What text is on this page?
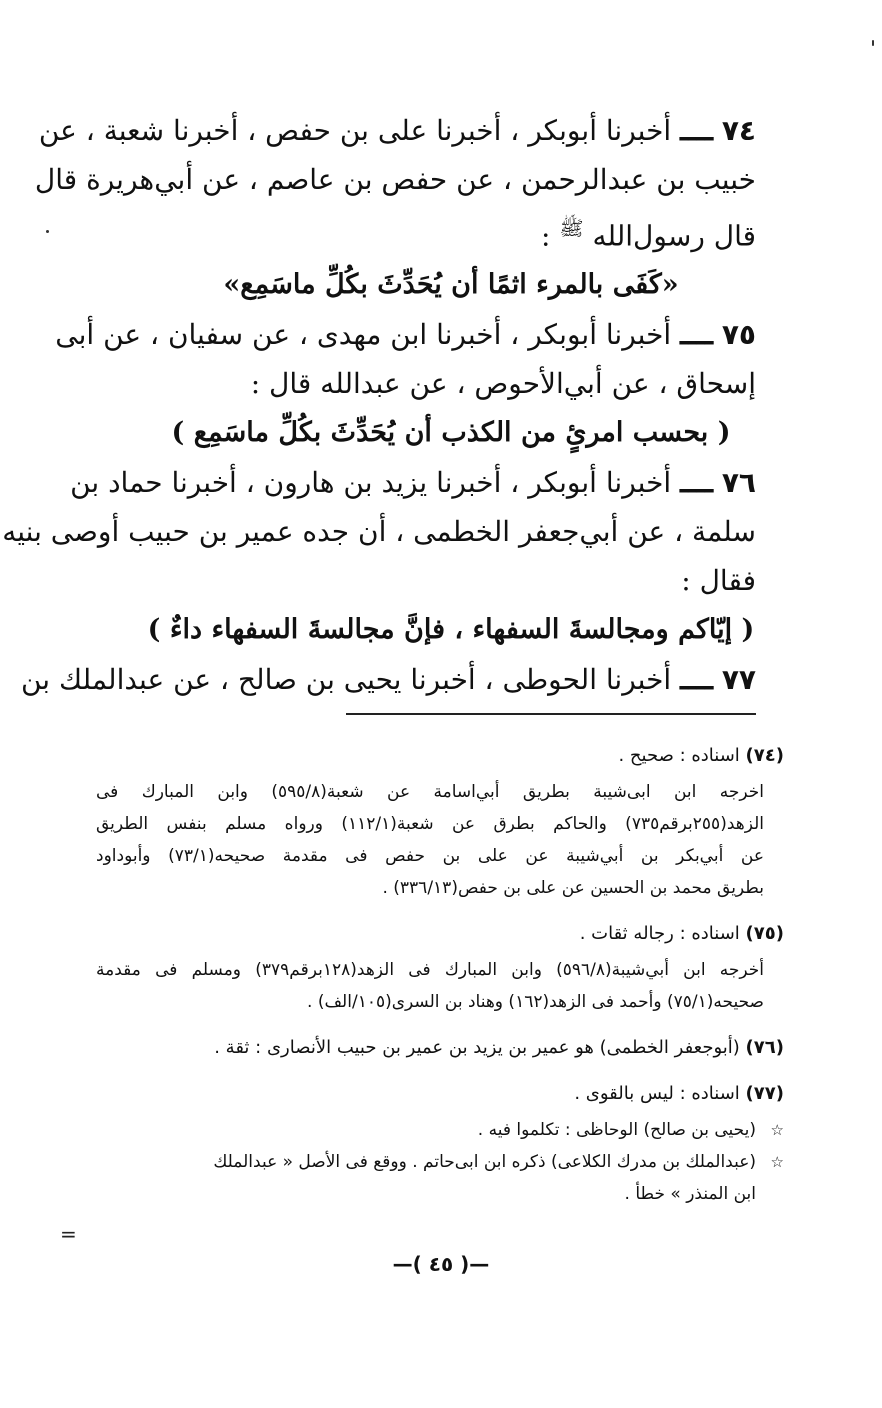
٧٤ ــــ أخبرنا أبوبكر ، أخبرنا على بن حفص ، أخبرنا شعبة ، عن
خبيب بن عبدالرحمن ، عن حفص بن عاصم ، عن أبي‌هريرة قال
قال رسول‌الله $^ﷺ$ :
«كَفَى بالمرء اثمًا أن يُحَدِّثَ بكُلِّ ماسَمِع»
٧٥ ــــ أخبرنا أبوبكر ، أخبرنا ابن مهدى ، عن سفيان ، عن أبى
إسحاق ، عن أبي‌الأحوص ، عن عبدالله قال :
( بحسب امرئٍ من الكذب أن يُحَدِّثَ بكُلِّ ماسَمِع )
٧٦ ــــ أخبرنا أبوبكر ، أخبرنا يزيد بن هارون ، أخبرنا حماد بن
سلمة ، عن أبي‌جعفر الخطمى ، أن جده عمير بن حبيب أوصى بنيه
فقال :
( إيّاكم ومجالسةَ السفهاء ، فإنَّ مجالسةَ السفهاء داءٌ )
٧٧ ــــ أخبرنا الحوطى ، أخبرنا يحيى بن صالح ، عن عبدالملك بن
(٧٤) اسناده : صحيح .
اخرجه ابن ابى‌شيبة بطريق أبي‌اسامة عن شعبة(٥٩٥/٨) وابن المبارك فى
الزهد(٢٥٥برقم٧٣٥) والحاكم بطرق عن شعبة(١١٢/١) ورواه مسلم بنفس الطريق
عن أبي‌بكر بن أبي‌شيبة عن على بن حفص فى مقدمة صحيحه(٧٣/١) وأبوداود
بطريق محمد بن الحسين عن على بن حفص(٣٣٦/١٣) .
(٧٥) اسناده : رجاله ثقات .
أخرجه ابن أبي‌شيبة(٥٩٦/٨) وابن المبارك فى الزهد(١٢٨برقم٣٧٩) ومسلم فى مقدمة
صحيحه(٧٥/١) وأحمد فى الزهد(١٦٢) وهناد بن السرى(١٠٥/الف) .
(٧٦) (أبوجعفر الخطمى) هو عمير بن يزيد بن عمير بن حبيب الأنصارى : ثقة .
(٧٧) اسناده : ليس بالقوى .
☆(يحيى بن صالح) الوحاظى : تكلموا فيه .
☆(عبدالملك بن مدرك الكلاعى) ذكره ابن ابى‌حاتم . ووقع فى الأصل « عبدالملك
ابن المنذر » خطأ .
—( ٤٥ )—
=
